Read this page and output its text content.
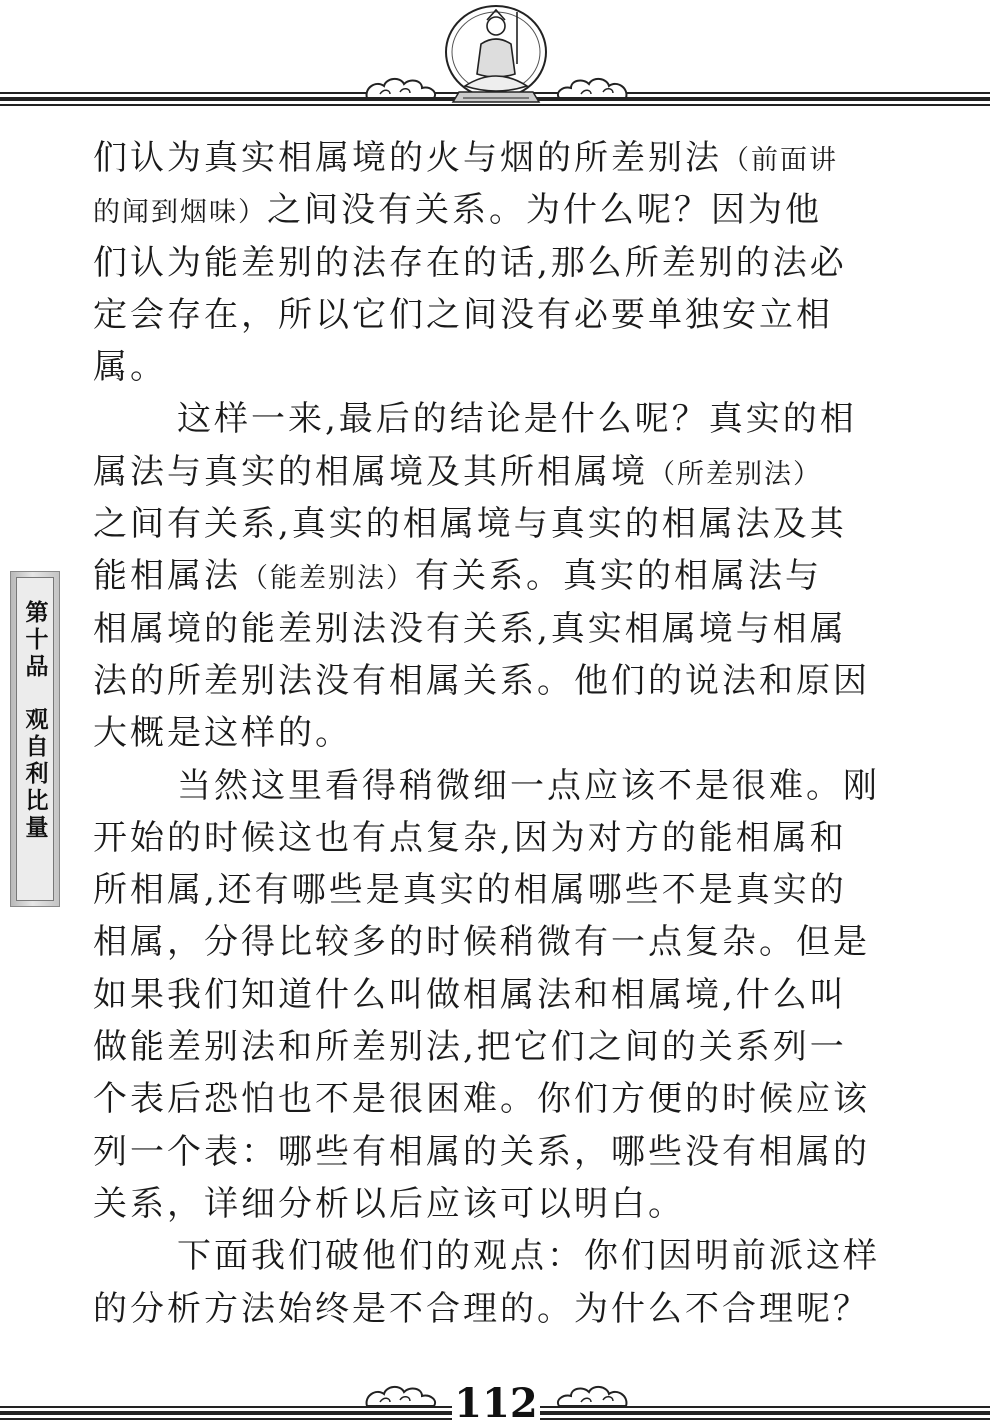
第十品
观自利比量
们认为真实相属境的火与烟的所差别法（前面讲
的闻到烟味）之间没有关系。为什么呢？因为他
们认为能差别的法存在的话,那么所差别的法必
定会存在，所以它们之间没有必要单独安立相
属。
这样一来,最后的结论是什么呢？真实的相
属法与真实的相属境及其所相属境（所差别法）
之间有关系,真实的相属境与真实的相属法及其
能相属法（能差别法）有关系。真实的相属法与
相属境的能差别法没有关系,真实相属境与相属
法的所差别法没有相属关系。他们的说法和原因
大概是这样的。
当然这里看得稍微细一点应该不是很难。刚
开始的时候这也有点复杂,因为对方的能相属和
所相属,还有哪些是真实的相属哪些不是真实的
相属，分得比较多的时候稍微有一点复杂。但是
如果我们知道什么叫做相属法和相属境,什么叫
做能差别法和所差别法,把它们之间的关系列一
个表后恐怕也不是很困难。你们方便的时候应该
列一个表：哪些有相属的关系，哪些没有相属的
关系，详细分析以后应该可以明白。
下面我们破他们的观点：你们因明前派这样
的分析方法始终是不合理的。为什么不合理呢？
112
